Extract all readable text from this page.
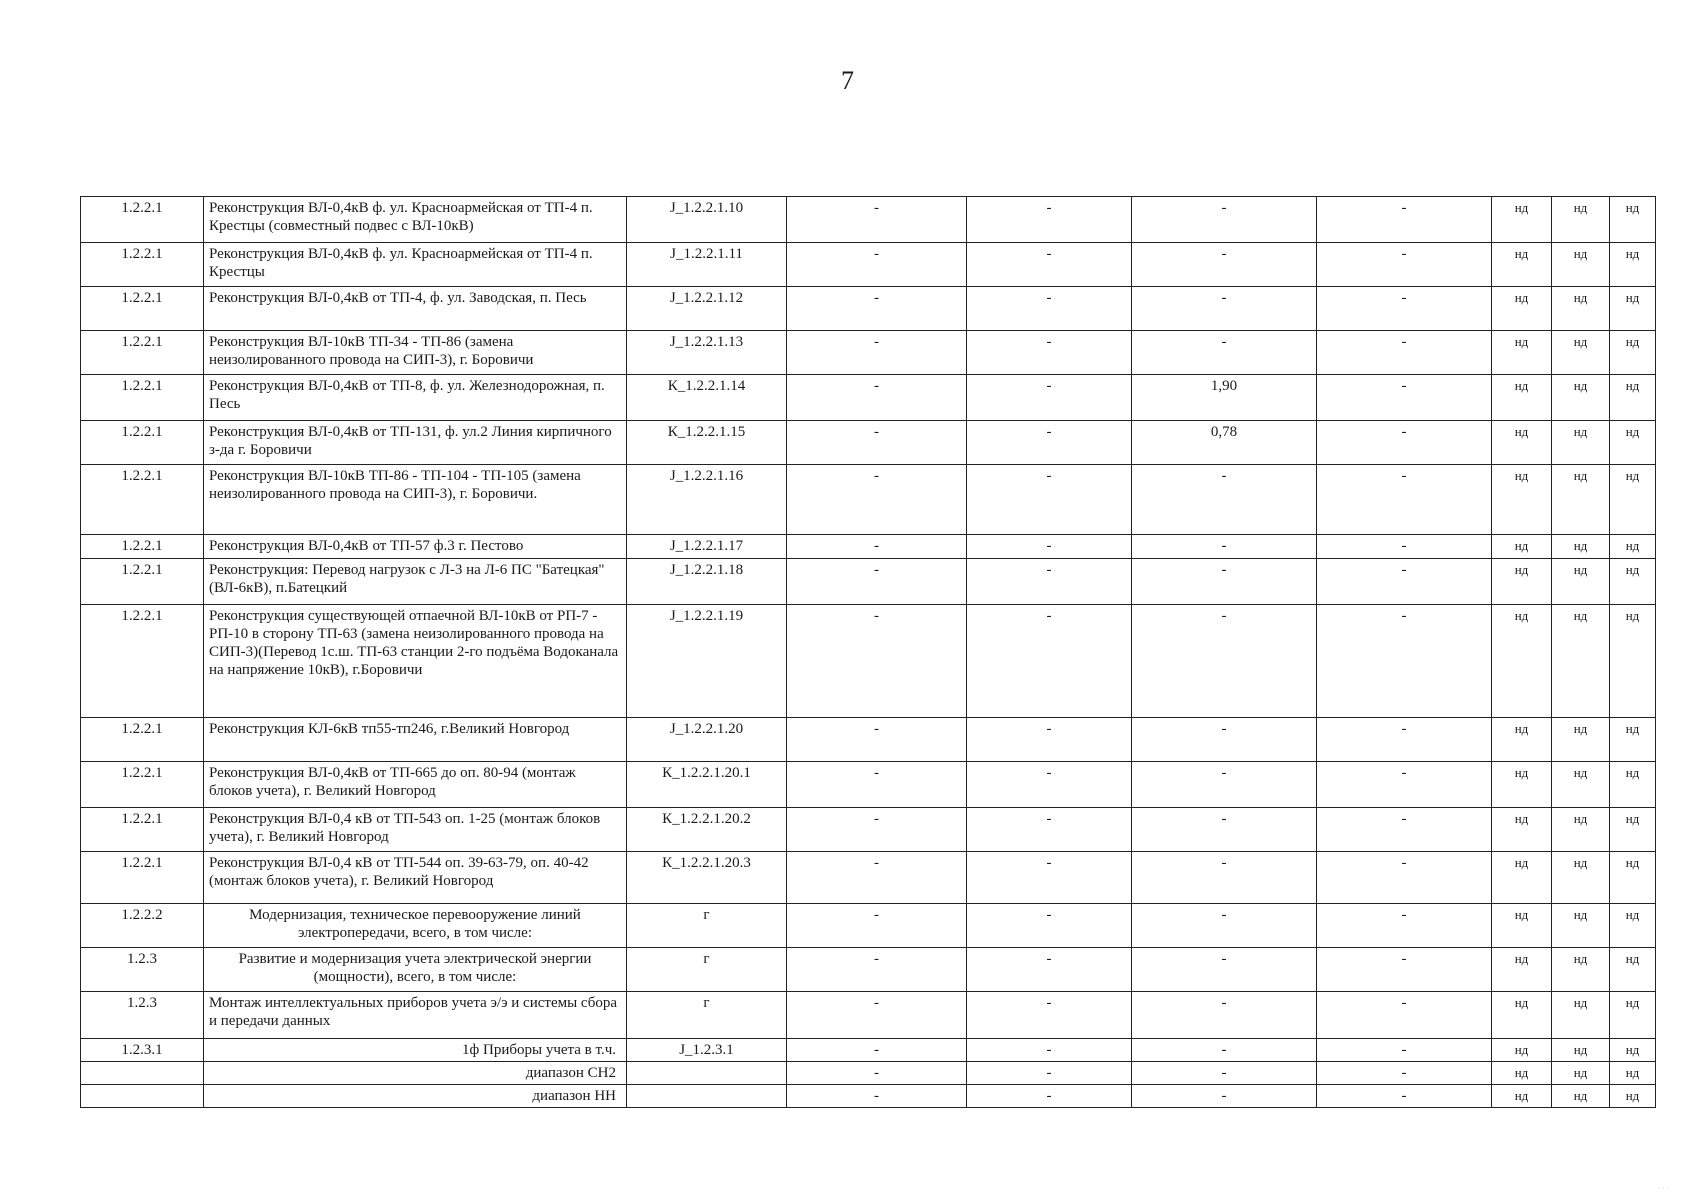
7
1.2.2.1	Реконструкция ВЛ-0,4кВ ф. ул. Красноармейская от ТП-4 п. Крестцы (совместный подвес с ВЛ-10кВ)	J_1.2.2.1.10	-	-	-	-	нд	нд	нд
1.2.2.1	Реконструкция ВЛ-0,4кВ ф. ул. Красноармейская от ТП-4 п. Крестцы	J_1.2.2.1.11	-	-	-	-	нд	нд	нд
1.2.2.1	Реконструкция ВЛ-0,4кВ от ТП-4, ф. ул. Заводская, п. Песь	J_1.2.2.1.12	-	-	-	-	нд	нд	нд
1.2.2.1	Реконструкция ВЛ-10кВ ТП-34 - ТП-86 (замена неизолированного провода на СИП-3), г. Боровичи	J_1.2.2.1.13	-	-	-	-	нд	нд	нд
1.2.2.1	Реконструкция ВЛ-0,4кВ от ТП-8, ф. ул. Железнодорожная, п. Песь	К_1.2.2.1.14	-	-	1,90	-	нд	нд	нд
1.2.2.1	Реконструкция ВЛ-0,4кВ от ТП-131, ф. ул.2 Линия кирпичного з-да г. Боровичи	К_1.2.2.1.15	-	-	0,78	-	нд	нд	нд
1.2.2.1	Реконструкция ВЛ-10кВ ТП-86 - ТП-104 - ТП-105 (замена неизолированного провода на СИП-3), г. Боровичи.	J_1.2.2.1.16	-	-	-	-	нд	нд	нд
1.2.2.1	Реконструкция ВЛ-0,4кВ от ТП-57 ф.3 г. Пестово	J_1.2.2.1.17	-	-	-	-	нд	нд	нд
1.2.2.1	Реконструкция: Перевод нагрузок с Л-3 на Л-6 ПС "Батецкая" (ВЛ-6кВ), п.Батецкий	J_1.2.2.1.18	-	-	-	-	нд	нд	нд
1.2.2.1	Реконструкция существующей отпаечной ВЛ-10кВ от РП-7 - РП-10 в сторону ТП-63 (замена неизолированного провода на СИП-3)(Перевод 1с.ш. ТП-63 станции 2-го подъёма Водоканала на напряжение 10кВ), г.Боровичи	J_1.2.2.1.19	-	-	-	-	нд	нд	нд
1.2.2.1	Реконструкция КЛ-6кВ тп55-тп246, г.Великий Новгород	J_1.2.2.1.20	-	-	-	-	нд	нд	нд
1.2.2.1	Реконструкция ВЛ-0,4кВ от ТП-665 до оп. 80-94 (монтаж блоков учета), г. Великий Новгород	К_1.2.2.1.20.1	-	-	-	-	нд	нд	нд
1.2.2.1	Реконструкция ВЛ-0,4 кВ от ТП-543 оп. 1-25 (монтаж блоков учета), г. Великий Новгород	К_1.2.2.1.20.2	-	-	-	-	нд	нд	нд
1.2.2.1	Реконструкция ВЛ-0,4 кВ от ТП-544 оп. 39-63-79, оп. 40-42 (монтаж блоков учета), г. Великий Новгород	К_1.2.2.1.20.3	-	-	-	-	нд	нд	нд
1.2.2.2	Модернизация, техническое перевооружение линий электропередачи, всего, в том числе:	г	-	-	-	-	нд	нд	нд
1.2.3	Развитие и модернизация учета электрической энергии (мощности), всего, в том числе:	г	-	-	-	-	нд	нд	нд
1.2.3	Монтаж интеллектуальных приборов учета э/э и системы сбора и передачи данных	г	-	-	-	-	нд	нд	нд
1.2.3.1	1ф Приборы учета в т.ч.	J_1.2.3.1	-	-	-	-	нд	нд	нд
	диапазон СН2		-	-	-	-	нд	нд	нд
	диапазон НН		-	-	-	-	нд	нд	нд
· · ·
